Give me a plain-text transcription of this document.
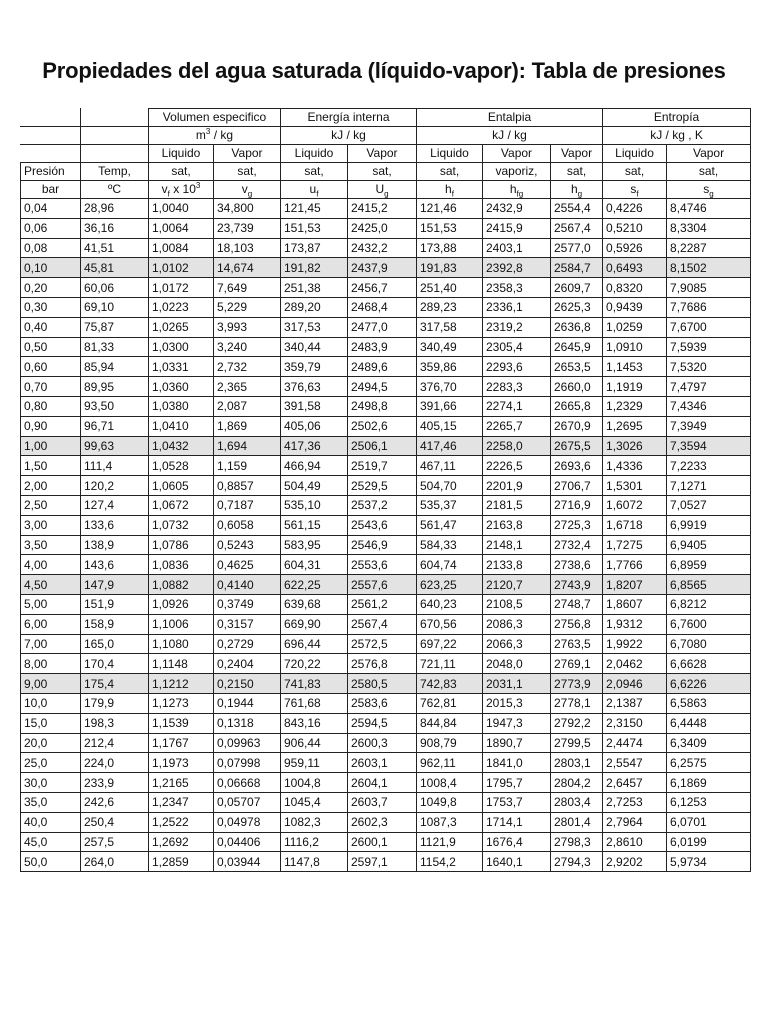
Propiedades del agua saturada (líquido-vapor): Tabla de presiones
		Volumen especifico		Energía interna		Entalpia			Entropía	
		$m^3$ / kg		kJ / kg		kJ / kg			kJ / kg , K	
		Liquido	Vapor	Liquido	Vapor	Liquido	Vapor	Vapor	Liquido	Vapor
Presión	Temp,	sat,	sat,	sat,	sat,	sat,	vaporiz,	sat,	sat,	sat,
bar	ºC	$v_f$ x $10^3$	$v_g$	$u_f$	$U_g$	$h_f$	$h_{fg}$	$h_g$	$s_f$	$s_g$
0,04	28,96	1,0040	34,800	121,45	2415,2	121,46	2432,9	2554,4	0,4226	8,4746
0,06	36,16	1,0064	23,739	151,53	2425,0	151,53	2415,9	2567,4	0,5210	8,3304
0,08	41,51	1,0084	18,103	173,87	2432,2	173,88	2403,1	2577,0	0,5926	8,2287
0,10	45,81	1,0102	14,674	191,82	2437,9	191,83	2392,8	2584,7	0,6493	8,1502
0,20	60,06	1,0172	7,649	251,38	2456,7	251,40	2358,3	2609,7	0,8320	7,9085
0,30	69,10	1,0223	5,229	289,20	2468,4	289,23	2336,1	2625,3	0,9439	7,7686
0,40	75,87	1,0265	3,993	317,53	2477,0	317,58	2319,2	2636,8	1,0259	7,6700
0,50	81,33	1,0300	3,240	340,44	2483,9	340,49	2305,4	2645,9	1,0910	7,5939
0,60	85,94	1,0331	2,732	359,79	2489,6	359,86	2293,6	2653,5	1,1453	7,5320
0,70	89,95	1,0360	2,365	376,63	2494,5	376,70	2283,3	2660,0	1,1919	7,4797
0,80	93,50	1,0380	2,087	391,58	2498,8	391,66	2274,1	2665,8	1,2329	7,4346
0,90	96,71	1,0410	1,869	405,06	2502,6	405,15	2265,7	2670,9	1,2695	7,3949
1,00	99,63	1,0432	1,694	417,36	2506,1	417,46	2258,0	2675,5	1,3026	7,3594
1,50	111,4	1,0528	1,159	466,94	2519,7	467,11	2226,5	2693,6	1,4336	7,2233
2,00	120,2	1,0605	0,8857	504,49	2529,5	504,70	2201,9	2706,7	1,5301	7,1271
2,50	127,4	1,0672	0,7187	535,10	2537,2	535,37	2181,5	2716,9	1,6072	7,0527
3,00	133,6	1,0732	0,6058	561,15	2543,6	561,47	2163,8	2725,3	1,6718	6,9919
3,50	138,9	1,0786	0,5243	583,95	2546,9	584,33	2148,1	2732,4	1,7275	6,9405
4,00	143,6	1,0836	0,4625	604,31	2553,6	604,74	2133,8	2738,6	1,7766	6,8959
4,50	147,9	1,0882	0,4140	622,25	2557,6	623,25	2120,7	2743,9	1,8207	6,8565
5,00	151,9	1,0926	0,3749	639,68	2561,2	640,23	2108,5	2748,7	1,8607	6,8212
6,00	158,9	1,1006	0,3157	669,90	2567,4	670,56	2086,3	2756,8	1,9312	6,7600
7,00	165,0	1,1080	0,2729	696,44	2572,5	697,22	2066,3	2763,5	1,9922	6,7080
8,00	170,4	1,1148	0,2404	720,22	2576,8	721,11	2048,0	2769,1	2,0462	6,6628
9,00	175,4	1,1212	0,2150	741,83	2580,5	742,83	2031,1	2773,9	2,0946	6,6226
10,0	179,9	1,1273	0,1944	761,68	2583,6	762,81	2015,3	2778,1	2,1387	6,5863
15,0	198,3	1,1539	0,1318	843,16	2594,5	844,84	1947,3	2792,2	2,3150	6,4448
20,0	212,4	1,1767	0,09963	906,44	2600,3	908,79	1890,7	2799,5	2,4474	6,3409
25,0	224,0	1,1973	0,07998	959,11	2603,1	962,11	1841,0	2803,1	2,5547	6,2575
30,0	233,9	1,2165	0,06668	1004,8	2604,1	1008,4	1795,7	2804,2	2,6457	6,1869
35,0	242,6	1,2347	0,05707	1045,4	2603,7	1049,8	1753,7	2803,4	2,7253	6,1253
40,0	250,4	1,2522	0,04978	1082,3	2602,3	1087,3	1714,1	2801,4	2,7964	6,0701
45,0	257,5	1,2692	0,04406	1116,2	2600,1	1121,9	1676,4	2798,3	2,8610	6,0199
50,0	264,0	1,2859	0,03944	1147,8	2597,1	1154,2	1640,1	2794,3	2,9202	5,9734
